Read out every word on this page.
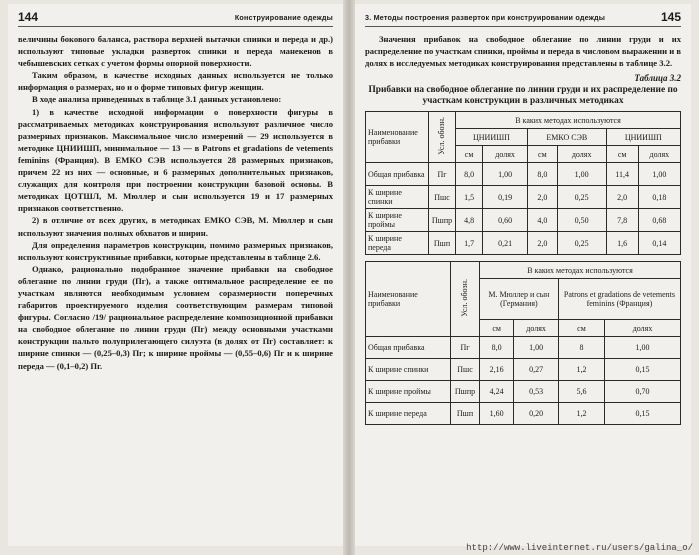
144	Конструирование одежды

величины бокового баланса, раствора верхней вытачки спинки и переда и др.) используют типовые укладки разверток спинки и переда манекенов в чебышевских сетках с учетом формы опорной поверхности.

Таким образом, в качестве исходных данных используется не только информация о размерах, но и о форме типовых фигур женщин.

В ходе анализа приведенных в таблице 3.1 данных установлено:

1) в качестве исходной информации о поверхности фигуры в рассматриваемых методиках конструирования используют различное число размерных признаков. Максимальное число измерений — 29 используется в методике ЦНИИШП, минимальное — 13 — в Patrons et gradations de vetements feminins (Франция). В ЕМКО СЭВ используется 28 размерных признаков, причем 22 из них — основные, и 6 размерных дополнительных признаков, служащих для контроля при построении конструкции базовой основы. В методиках ЦОТШЛ, М. Мюллер и сын используется 19 и 17 размерных признаков соответственно.

2) в отличие от всех других, в методиках ЕМКО СЭВ, М. Мюллер и сын используют значения полных обхватов и ширин.

Для определения параметров конструкции, помимо размерных признаков, используют конструктивные прибавки, которые представлены в таблице 2.6.

Однако, рационально подобранное значение прибавки на свободное облегание по линии груди (Пг), а также оптимальное распределение ее по участкам являются необходимым условием соразмерности поперечных габаритов проектируемого изделия соответствующим размерам типовой фигуры. Согласно /19/ рациональное распределение композиционной прибавки на свободное облегание по линии груди (Пг) между основными участками конструкции пальто полуприлегающего силуэта (в долях от Пг) составляет: к ширине спинки — (0,25–0,3) Пг; к ширине проймы — (0,55–0,6) Пг и к ширине переда — (0,1–0,2) Пг.

3. Методы построения разверток при конструировании одежды	145

Значения прибавок на свободное облегание по линии груди и их распределение по участкам спинки, проймы и переда в числовом выражении и в долях в исследуемых методиках конструирования представлены в таблице 3.2.

Таблица 3.2
Прибавки на свободное облегание по линии груди и их распределение по участкам конструкции в различных методиках
Наименование прибавки	Усл. обозн.	В каких методах используются					
		ЦНИИШП		ЕМКО СЭВ		ЦНИИШП	
		см	долях	см	долях	см	долях
Общая прибавка	Пг	8,0	1,00	8,0	1,00	11,4	1,00
К ширине спинки	Пшс	1,5	0,19	2,0	0,25	2,0	0,18
К ширине проймы	Пшпр	4,8	0,60	4,0	0,50	7,8	0,68
К ширине переда	Пшп	1,7	0,21	2,0	0,25	1,6	0,14
Наименование прибавки	Усл. обозн.	В каких методах используются			
		М. Мюллер и сын (Германия)		Patrons et gradations de vetements feminins (Франция)	
		см	долях	см	долях
Общая прибавка	Пг	8,0	1,00	8	1,00
К ширине спинки	Пшс	2,16	0,27	1,2	0,15
К ширине проймы	Пшпр	4,24	0,53	5,6	0,70
К ширине переда	Пшп	1,60	0,20	1,2	0,15
http://www.liveinternet.ru/users/galina_o/
